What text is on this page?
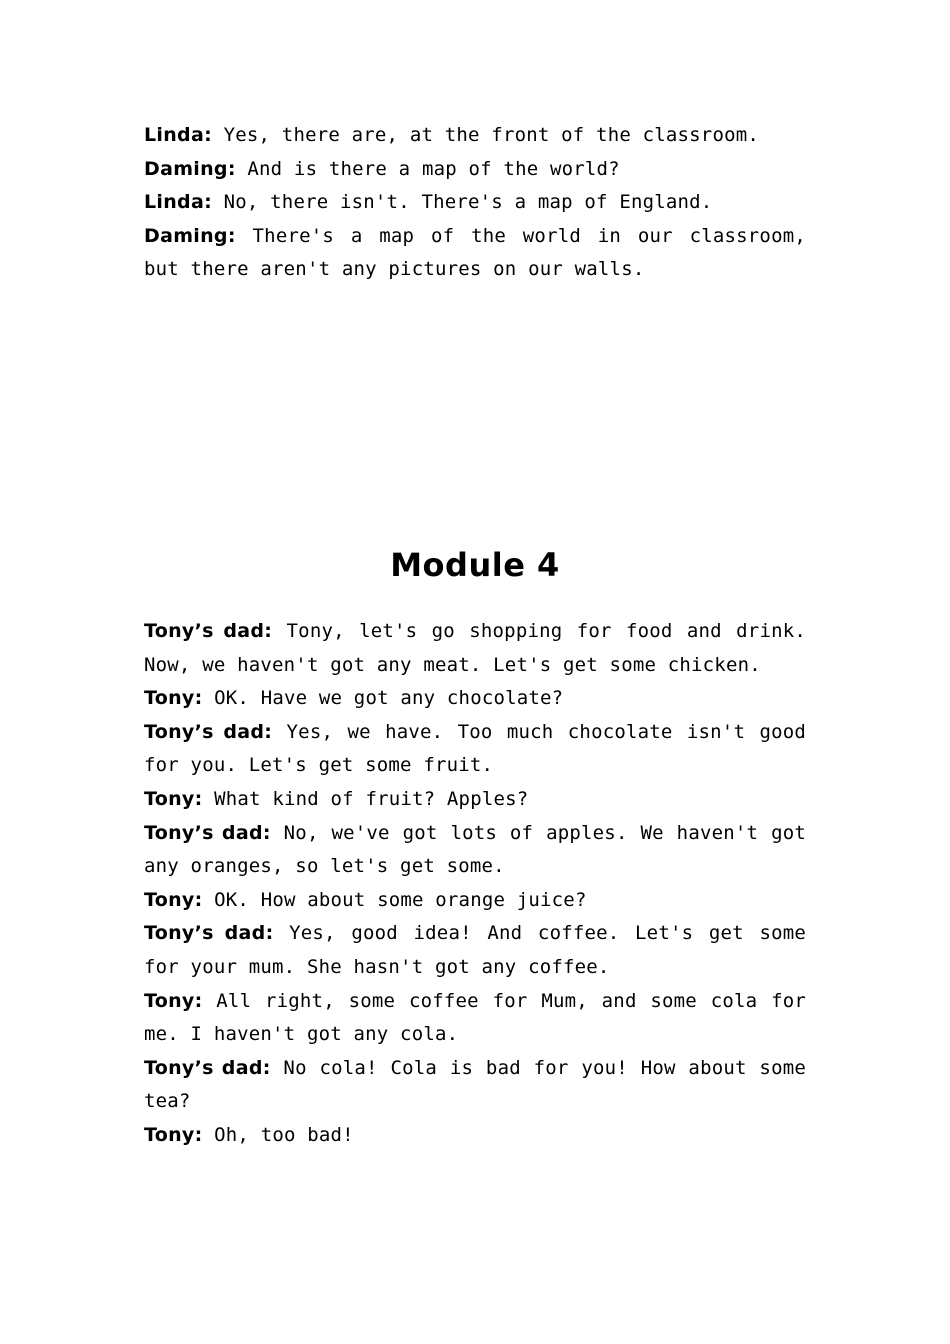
Linda: Yes, there are, at the front of the classroom.

Daming: And is there a map of the world?

Linda: No, there isn't. There's a map of England.

Daming: There's a map of the world in our classroom, but there aren't any pictures on our walls.

Module 4

Tony’s dad: Tony, let's go shopping for food and drink. Now, we haven't got any meat. Let's get some chicken.

Tony: OK. Have we got any chocolate?

Tony’s dad: Yes, we have. Too much chocolate isn't good for you. Let's get some fruit.

Tony: What kind of fruit? Apples?

Tony’s dad: No, we've got lots of apples. We haven't got any oranges, so let's get some.

Tony: OK. How about some orange juice?

Tony’s dad: Yes, good idea! And coffee. Let's get some for your mum. She hasn't got any coffee.

Tony: All right, some coffee for Mum, and some cola for me. I haven't got any cola.

Tony’s dad: No cola! Cola is bad for you! How about some tea?

Tony: Oh, too bad!
